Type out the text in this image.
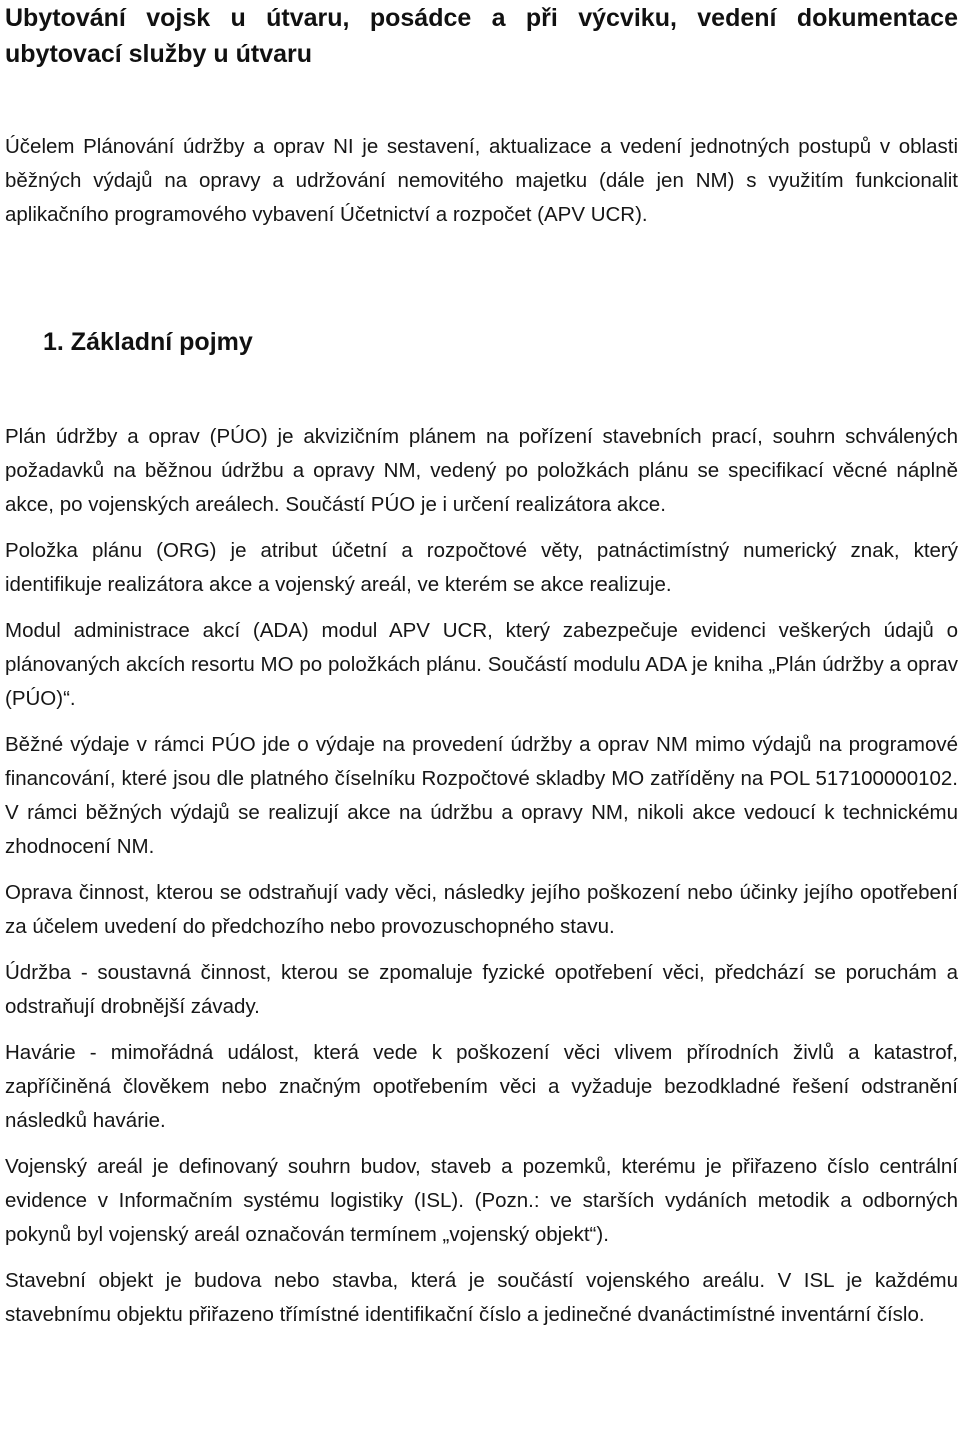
Ubytování vojsk u útvaru, posádce a při výcviku, vedení dokumentace ubytovací služby u útvaru

Účelem Plánování údržby a oprav NI je sestavení, aktualizace a vedení jednotných postupů v oblasti běžných výdajů na opravy a udržování nemovitého majetku (dále jen NM) s využitím funkcionalit aplikačního programového vybavení Účetnictví a rozpočet (APV UCR).

1. Základní pojmy

Plán údržby a oprav (PÚO) je akvizičním plánem na pořízení stavebních prací, souhrn schválených požadavků na běžnou údržbu a opravy NM, vedený po položkách plánu se specifikací věcné náplně akce, po vojenských areálech. Součástí PÚO je i určení realizátora akce.

Položka plánu (ORG) je atribut účetní a rozpočtové věty, patnáctimístný numerický znak, který identifikuje realizátora akce a vojenský areál, ve kterém se akce realizuje.

Modul administrace akcí (ADA) modul APV UCR, který zabezpečuje evidenci veškerých údajů o plánovaných akcích resortu MO po položkách plánu. Součástí modulu ADA je kniha „Plán údržby a oprav (PÚO)“.

Běžné výdaje v rámci PÚO jde o výdaje na provedení údržby a oprav NM mimo výdajů na programové financování, které jsou dle platného číselníku Rozpočtové skladby MO zatříděny na POL 517100000102. V rámci běžných výdajů se realizují akce na údržbu a opravy NM, nikoli akce vedoucí k technickému zhodnocení NM.

Oprava činnost, kterou se odstraňují vady věci, následky jejího poškození nebo účinky jejího opotřebení za účelem uvedení do předchozího nebo provozuschopného stavu.

Údržba - soustavná činnost, kterou se zpomaluje fyzické opotřebení věci, předchází se poruchám a odstraňují drobnější závady.

Havárie - mimořádná událost, která vede k poškození věci vlivem přírodních živlů a katastrof, zapříčiněná člověkem nebo značným opotřebením věci a vyžaduje bezodkladné řešení odstranění následků havárie.

Vojenský areál je definovaný souhrn budov, staveb a pozemků, kterému je přiřazeno číslo centrální evidence v Informačním systému logistiky (ISL). (Pozn.: ve starších vydáních metodik a odborných pokynů byl vojenský areál označován termínem „vojenský objekt“).

Stavební objekt je budova nebo stavba, která je součástí vojenského areálu. V ISL je každému stavebnímu objektu přiřazeno třímístné identifikační číslo a jedinečné dvanáctimístné inventární číslo.
